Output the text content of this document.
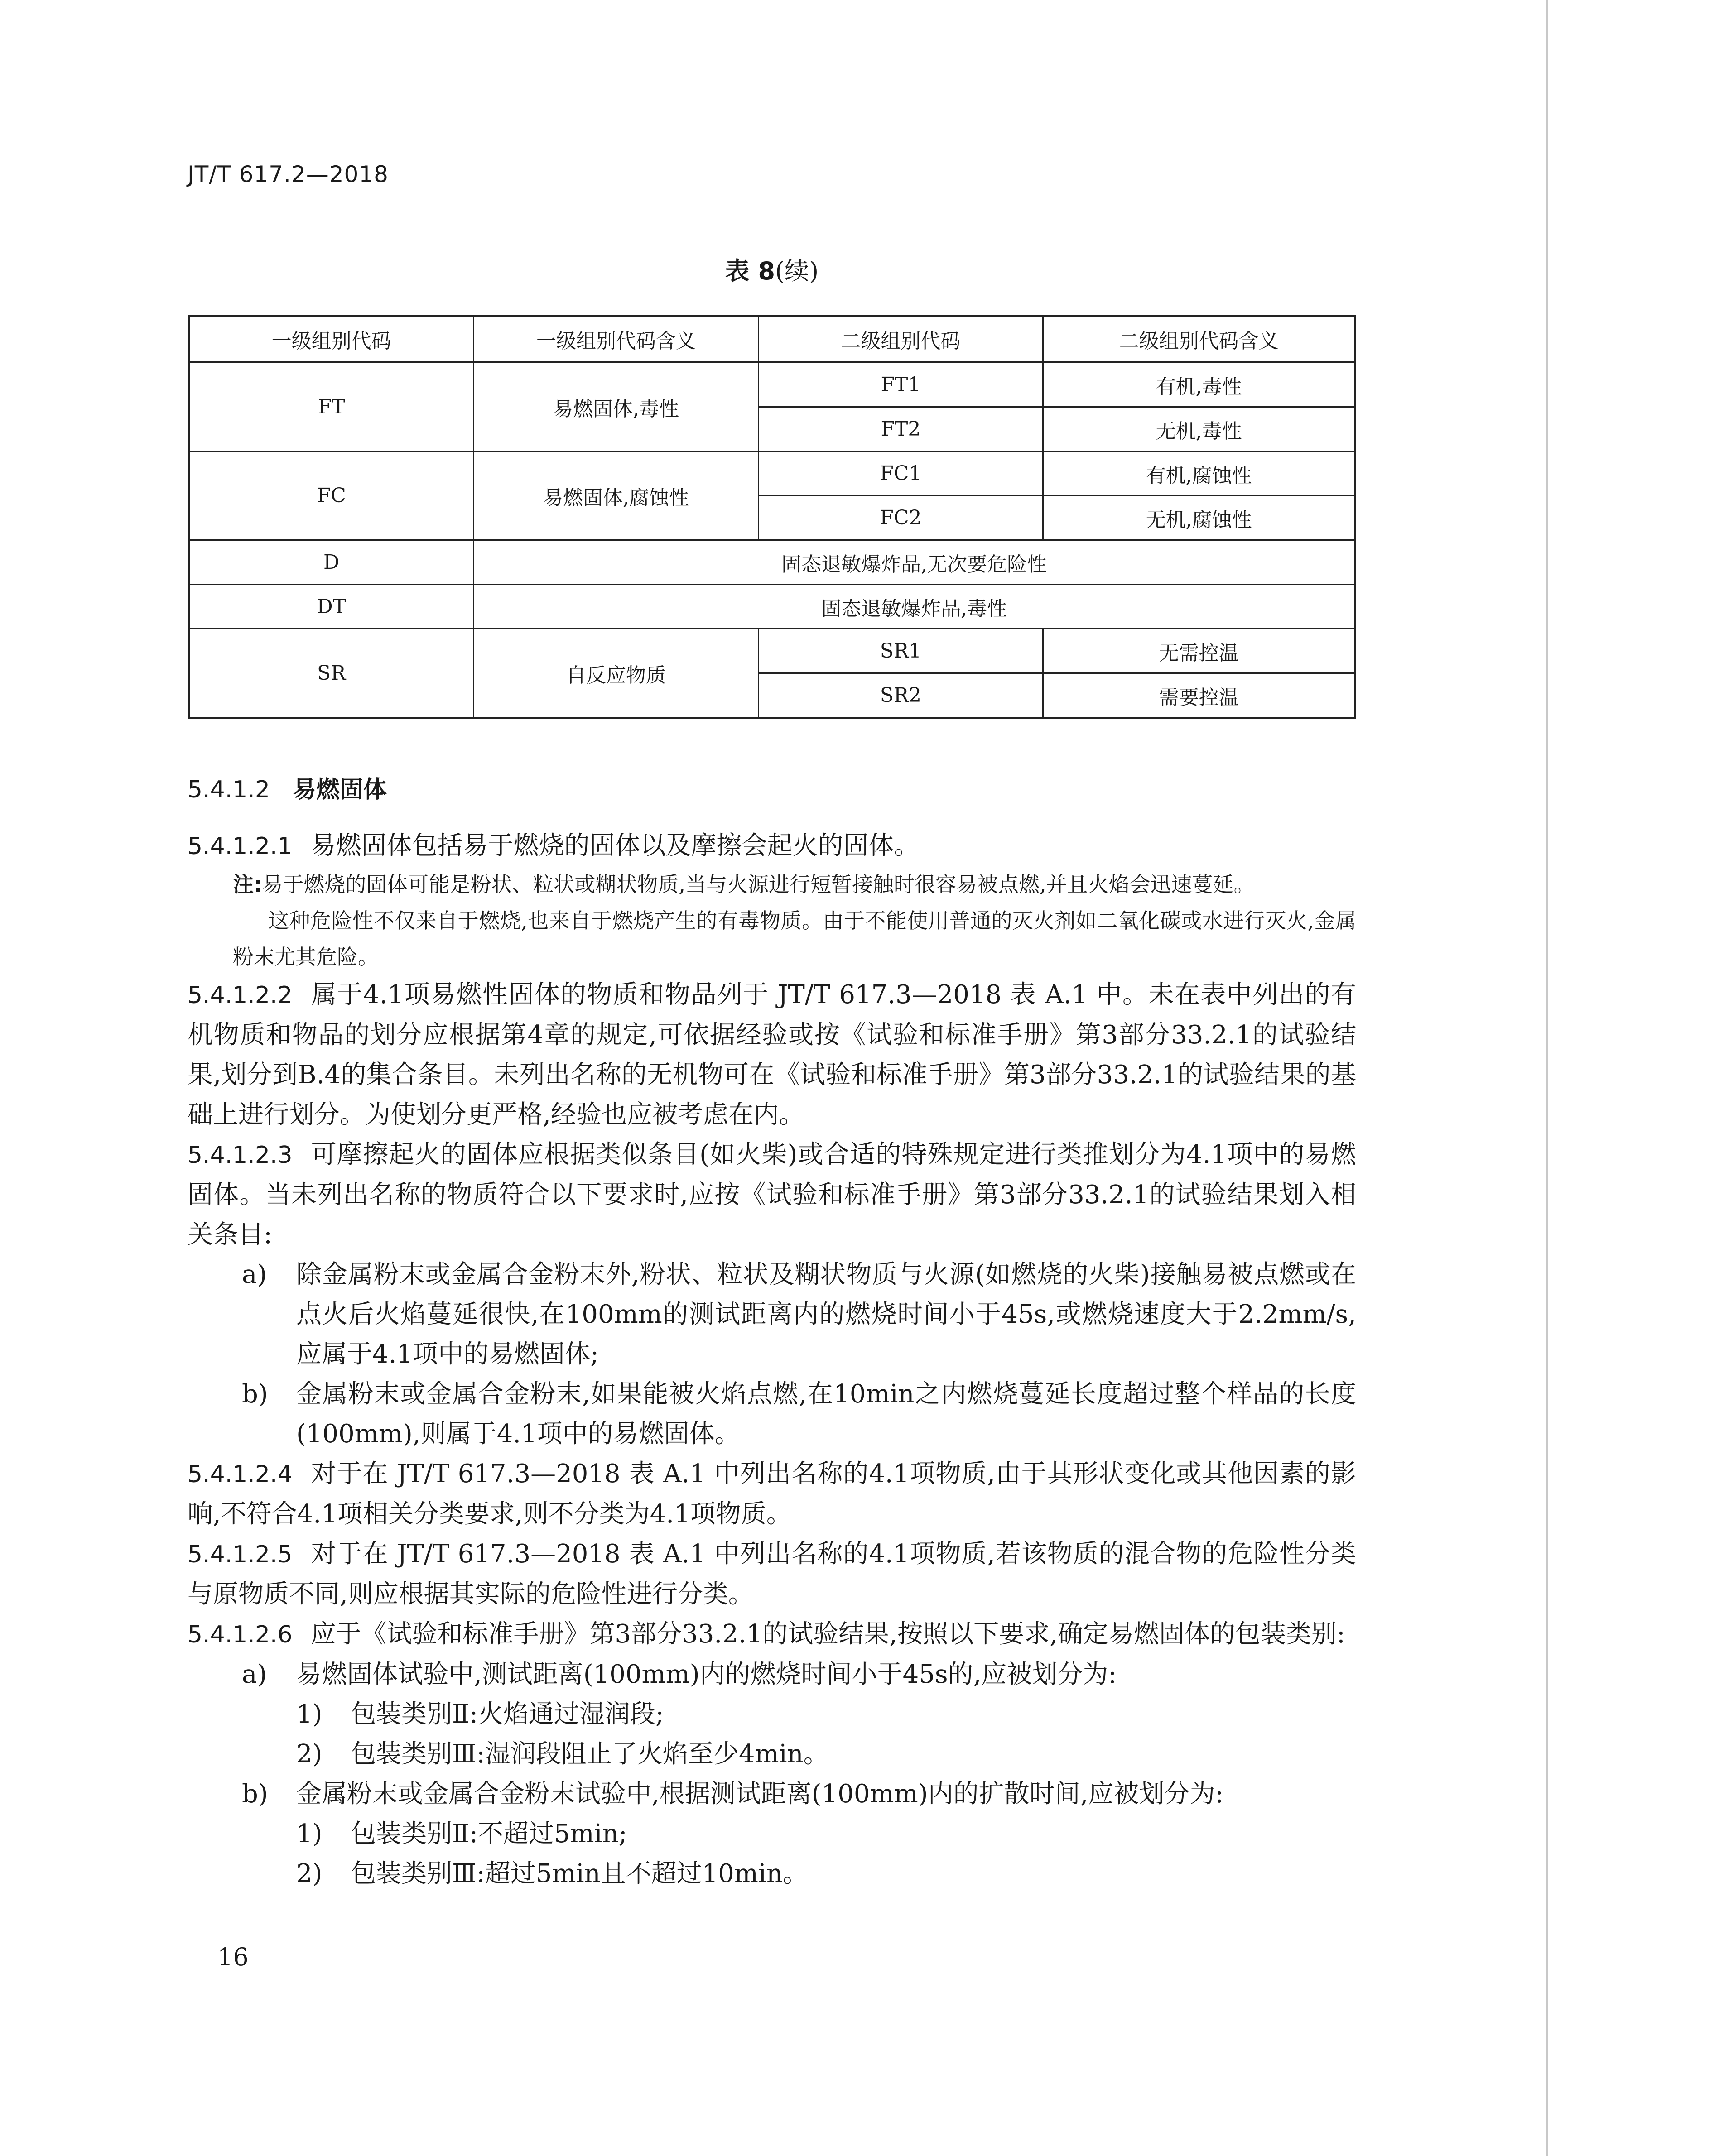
JT/T 617.2—2018
表 8(续)
一级组别代码	一级组别代码含义	二级组别代码	二级组别代码含义
FT	易燃固体,毒性	FT1	有机,毒性
		FT2	无机,毒性
FC	易燃固体,腐蚀性	FC1	有机,腐蚀性
		FC2	无机,腐蚀性
D	固态退敏爆炸品,无次要危险性		
DT	固态退敏爆炸品,毒性		
SR	自反应物质	SR1	无需控温
		SR2	需要控温
5.4.1.2 易燃固体

5.4.1.2.1 易燃固体包括易于燃烧的固体以及摩擦会起火的固体。

注:易于燃烧的固体可能是粉状、粒状或糊状物质,当与火源进行短暂接触时很容易被点燃,并且火焰会迅速蔓延。
这种危险性不仅来自于燃烧,也来自于燃烧产生的有毒物质。由于不能使用普通的灭火剂如二氧化碳或水进行灭火,金属粉末尤其危险。

5.4.1.2.2 属于4.1项易燃性固体的物质和物品列于 JT/T 617.3—2018 表 A.1 中。未在表中列出的有机物质和物品的划分应根据第4章的规定,可依据经验或按《试验和标准手册》第3部分33.2.1的试验结果,划分到B.4的集合条目。未列出名称的无机物可在《试验和标准手册》第3部分33.2.1的试验结果的基础上进行划分。为使划分更严格,经验也应被考虑在内。

5.4.1.2.3 可摩擦起火的固体应根据类似条目(如火柴)或合适的特殊规定进行类推划分为4.1项中的易燃固体。当未列出名称的物质符合以下要求时,应按《试验和标准手册》第3部分33.2.1的试验结果划入相关条目:

a)	除金属粉末或金属合金粉末外,粉状、粒状及糊状物质与火源(如燃烧的火柴)接触易被点燃或在点火后火焰蔓延很快,在100mm的测试距离内的燃烧时间小于45s,或燃烧速度大于2.2mm/s,应属于4.1项中的易燃固体;
b)	金属粉末或金属合金粉末,如果能被火焰点燃,在10min之内燃烧蔓延长度超过整个样品的长度(100mm),则属于4.1项中的易燃固体。

5.4.1.2.4 对于在 JT/T 617.3—2018 表 A.1 中列出名称的4.1项物质,由于其形状变化或其他因素的影响,不符合4.1项相关分类要求,则不分类为4.1项物质。

5.4.1.2.5 对于在 JT/T 617.3—2018 表 A.1 中列出名称的4.1项物质,若该物质的混合物的危险性分类与原物质不同,则应根据其实际的危险性进行分类。

5.4.1.2.6 应于《试验和标准手册》第3部分33.2.1的试验结果,按照以下要求,确定易燃固体的包装类别:

a)	易燃固体试验中,测试距离(100mm)内的燃烧时间小于45s的,应被划分为:
1)	包装类别Ⅱ:火焰通过湿润段;
2)	包装类别Ⅲ:湿润段阻止了火焰至少4min。
b)	金属粉末或金属合金粉末试验中,根据测试距离(100mm)内的扩散时间,应被划分为:
1)	包装类别Ⅱ:不超过5min;
2)	包装类别Ⅲ:超过5min且不超过10min。
16
